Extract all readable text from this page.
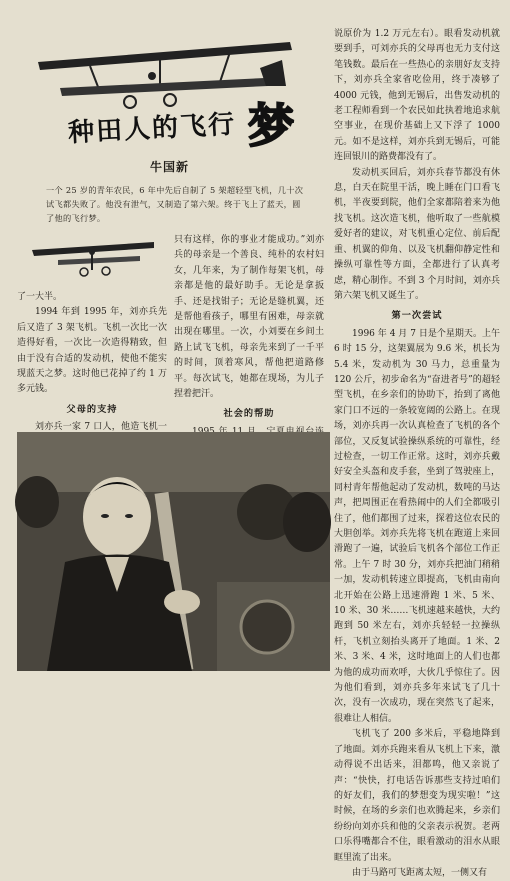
种田人的飞行 梦
牛国新
一个 25 岁的青年农民，6 年中先后自制了 5 架超轻型飞机，几十次试飞都失败了。他没有泄气，又制造了第六架。终于飞上了蓝天，圆了他的飞行梦。

了一大半。

1994 年到 1995 年，刘亦兵先后又造了 3 架飞机。飞机一次比一次造得好看，一次比一次造得精致，但由于没有合适的发动机，使他不能实现蓝天之梦。这时他已花掉了约 1 万多元钱。

父母的支持

刘亦兵一家 7 口人，他造飞机一

只有这样，你的事业才能成功。”刘亦兵的母亲是一个善良、纯朴的农村妇女，几年来，为了制作每架飞机，母亲都是他的最好助手。无论是拿扳手、还是找钳子；无论是缝机翼，还是帮他看孩子，哪里有困难，母亲就出现在哪里。一次，小刘要在乡间土路上试飞飞机，母亲先来到了一千平的时间，顶着寒风，帮他把道路修平。每次试飞，她都在现场，为儿子捏着把汗。

社会的帮助

说原价为 1.2 万元左右）。眼看发动机就要到手，可刘亦兵的父母再也无力支付这笔钱数。最后在一些热心的亲朋好友支持下，刘亦兵全家省吃俭用，终于凑够了 4000 元钱，他到无锡后，出售发动机的老工程师看到一个农民如此执着地追求航空事业，在现价基础上又下浮了 1000 元。如不是这样，刘亦兵到无锡后，可能连回银川的路费都没有了。

发动机买回后，刘亦兵春节都没有休息，白天在院里干活，晚上睡在门口看飞机，半夜要到院，他们全家都陪着来为他找飞机。这次造飞机，他听取了一些航模爱好者的建议，对飞机重心定位、前后配重、机翼的仰角、以及飞机翻仰静定性和操纵可靠性等方面，全都进行了认真考虑，精心制作。不到 3 个月时间，刘亦兵第六架飞机又诞生了。

第一次尝试

1996 年 4 月 7 日是个星期天。上午 6 时 15 分，这架翼展为 9.6 米，机长为 5.4 米，发动机为 30 马力，总重量为 120 公斤，初步命名为“奋进者号”的超轻型飞机，在乡亲们的协助下，抬到了离他家门口不远的一条较宽阔的公路上。在现场，刘亦兵再一次认真检查了飞机的各个部位，又反复试验操纵系统的可靠性，经过检查，一切工作正常。这时，刘亦兵戴好安全头盔和皮手套，坐到了驾驶座上，同村青年帮他起动了发动机，数吨的马达声，把周围正在看热闹中的人们全都吸引住了，他们都围了过来，探着这位农民的大胆创举。刘亦兵先将飞机在跑道上来回滑跑了一遍，试验后飞机各个部位工作正常。上午 7 时 30 分，刘亦兵把油门稍稍一加，发动机转速立即提高，飞机由南向北开始在公路上迅速滑跑 1 米、5 米、10 米、30 米……飞机速越来越快，大约跑到 50 米左右，刘亦兵轻轻一拉操纵杆，飞机立刻抬头离开了地面。1 米、2 米、3 米、4 米，这时地面上的人们也都为他的成功而欢呼，大伙几乎惊住了。因为他们看到，刘亦兵多年来试飞了几十次，没有一次成功，现在突然飞了起来，很难让人相信。

飞机飞了 200 多米后，平稳地降到了地面。刘亦兵跑来看从飞机上下来，激动得说不出话来，泪都鸣，他又亲说了声：“快快，打电话告诉那些支持过咱们的好友们，我们的梦想变为现实啦！”这时候，在场的乡亲们也欢腾起来，乡亲们纷纷向刘亦兵和他的父亲表示祝贺。老两口乐得嘴都合不住，眼看激动的泪水从眼眶里流了出来。

由于马路可飞距离太短，一侧又有
